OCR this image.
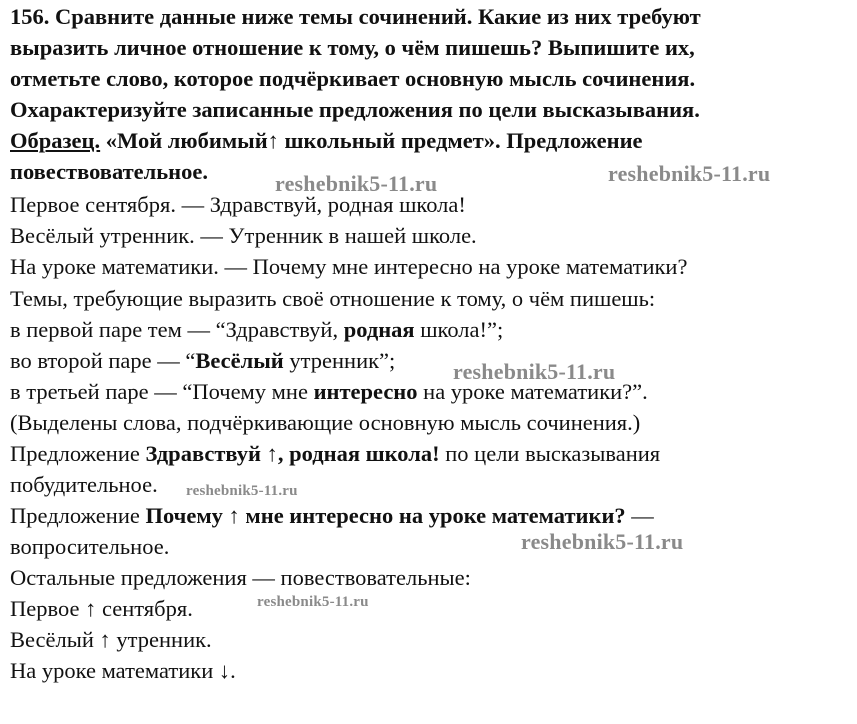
156. Сравните данные ниже темы сочинений. Какие из них требуют
выразить личное отношение к тому, о чём пишешь? Выпишите их,
отметьте слово, которое подчёркивает основную мысль сочинения.
Охарактеризуйте записанные предложения по цели высказывания.
Образец. «Мой любимый↑ школьный предмет». Предложение
повествовательное.
Первое сентября. — Здравствуй, родная школа!
Весёлый утренник. — Утренник в нашей школе.
На уроке математики. — Почему мне интересно на уроке математики?
Темы, требующие выразить своё отношение к тому, о чём пишешь:
в первой паре тем — “Здравствуй, родная школа!”;
во второй паре — “Весёлый утренник”;
в третьей паре — “Почему мне интересно на уроке математики?”.
(Выделены слова, подчёркивающие основную мысль сочинения.)
Предложение Здравствуй ↑, родная школа! по цели высказывания
побудительное.
Предложение Почему ↑ мне интересно на уроке математики? —
вопросительное.
Остальные предложения — повествовательные:
Первое ↑ сентября.
Весёлый ↑ утренник.
На уроке математики ↓.
reshebnik5-11.ru	reshebnik5-11.ru
reshebnik5-11.ru
reshebnik5-11.ru
reshebnik5-11.ru
reshebnik5-11.ru
